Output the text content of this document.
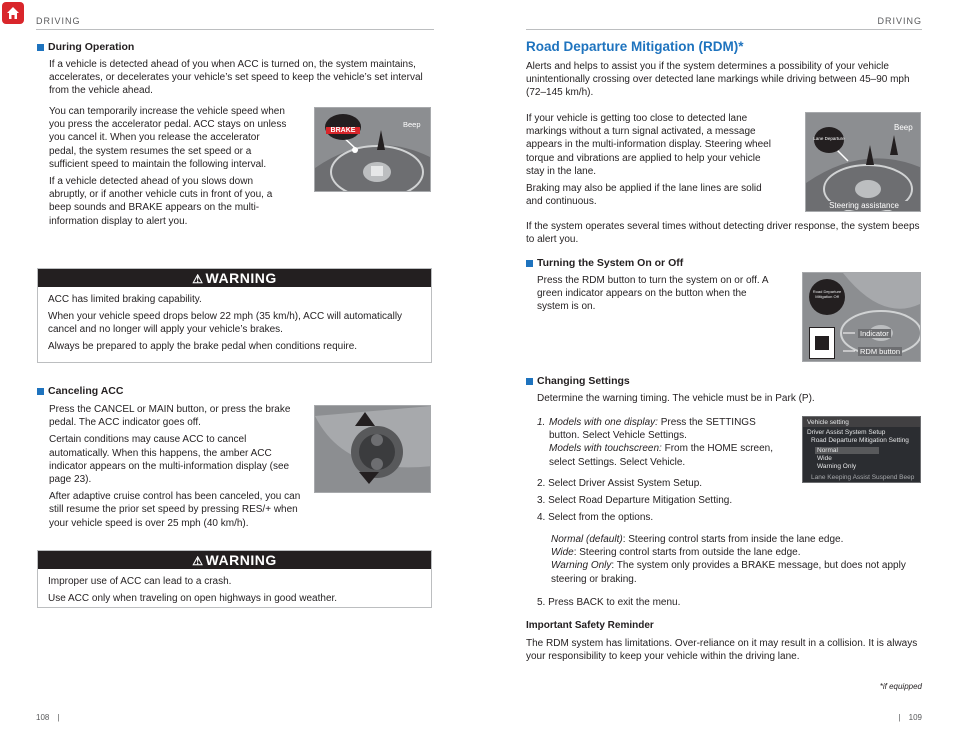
DRIVING
During Operation

If a vehicle is detected ahead of you when ACC is turned on, the system maintains, accelerates, or decelerates your vehicle’s set speed to keep the vehicle’s set interval from the vehicle ahead.

You can temporarily increase the vehicle speed when you press the accelerator pedal. ACC stays on unless you cancel it. When you release the accelerator pedal, the system resumes the set speed or a sufficient speed to maintain the following interval.

If a vehicle detected ahead of you slows down abruptly, or if another vehicle cuts in front of you, a beep sounds and BRAKE appears on the multi-information display to alert you.

BRAKE
Beep
⚠ WARNING

ACC has limited braking capability.

When your vehicle speed drops below 22 mph (35 km/h), ACC will automatically cancel and no longer will apply your vehicle’s brakes.

Always be prepared to apply the brake pedal when conditions require.

Canceling ACC

Press the CANCEL or MAIN button, or press the brake pedal. The ACC indicator goes off.

Certain conditions may cause ACC to cancel automatically. When this happens, the amber ACC indicator appears on the multi-information display (see page 23).

After adaptive cruise control has been canceled, you can still resume the prior set speed by pressing RES/+ when your vehicle speed is over 25 mph (40 km/h).

⚠ WARNING

Improper use of ACC can lead to a crash.

Use ACC only when traveling on open highways in good weather.

108 |
DRIVING
Road Departure Mitigation (RDM)*

Alerts and helps to assist you if the system determines a possibility of your vehicle unintentionally crossing over detected lane markings while driving between 45–90 mph (72–145 km/h).

If your vehicle is getting too close to detected lane markings without a turn signal activated, a message appears in the multi-information display. Steering wheel torque and vibrations are applied to help your vehicle stay in the lane.

Braking may also be applied if the lane lines are solid and continuous.

If the system operates several times without detecting driver response, the system beeps to alert you.

Lane Departure
Beep
Steering assistance
Turning the System On or Off

Press the RDM button to turn the system on or off. A green indicator appears on the button when the system is on.

Road Departure Mitigation Off
Indicator
RDM button
Changing Settings

Determine the warning timing. The vehicle must be in Park (P).

1. Models with one display: Press the SETTINGS button. Select Vehicle Settings.
Models with touchscreen: From the HOME screen, select Settings. Select Vehicle.

2. Select Driver Assist System Setup.

3. Select Road Departure Mitigation Setting.

4. Select from the options.

Normal (default): Steering control starts from inside the lane edge.
Wide: Steering control starts from outside the lane edge.
Warning Only: The system only provides a BRAKE message, but does not apply steering or braking.

5. Press BACK to exit the menu.

Vehicle setting
Driver Assist System Setup
Road Departure Mitigation Setting
Normal
Wide
Warning Only
Lane Keeping Assist Suspend Beep
Important Safety Reminder

The RDM system has limitations. Over-reliance on it may result in a collision. It is always your responsibility to keep your vehicle within the driving lane.

*if equipped
| 109
